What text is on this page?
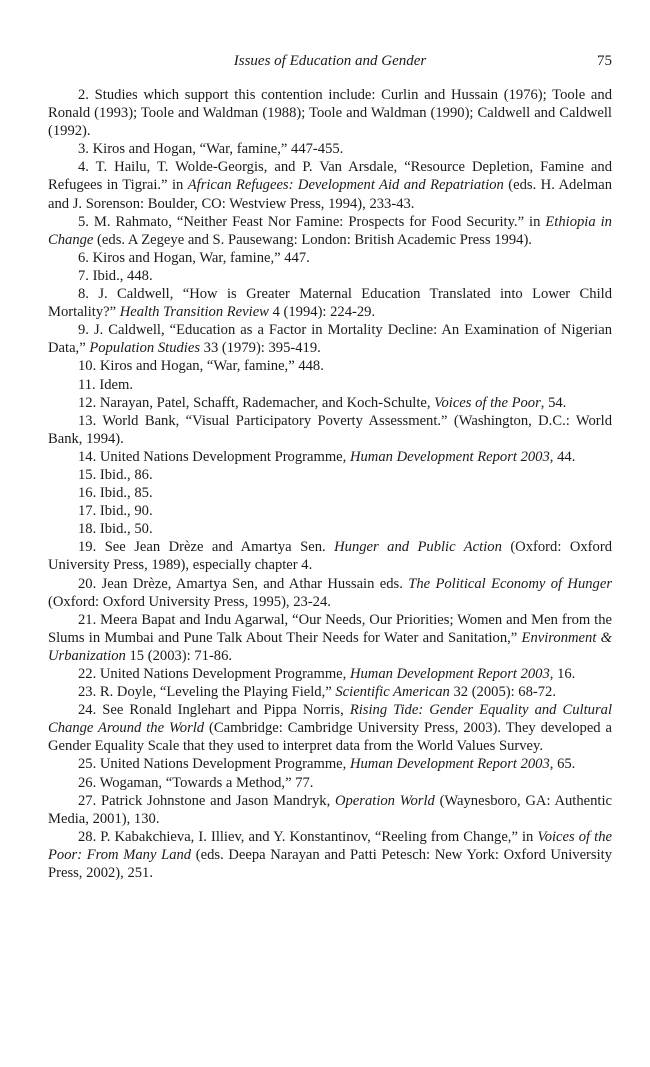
Issues of Education and Gender	75

2. Studies which support this contention include: Curlin and Hussain (1976); Toole and Ronald (1993); Toole and Waldman (1988); Toole and Waldman (1990); Caldwell and Caldwell (1992).

3. Kiros and Hogan, “War, famine,” 447-455.

4. T. Hailu, T. Wolde-Georgis, and P. Van Arsdale, “Resource Depletion, Famine and Refugees in Tigrai.” in African Refugees: Development Aid and Repatriation (eds. H. Adelman and J. Sorenson: Boulder, CO: Westview Press, 1994), 233-43.

5. M. Rahmato, “Neither Feast Nor Famine: Prospects for Food Security.” in Ethiopia in Change (eds. A Zegeye and S. Pausewang: London: British Academic Press 1994).

6. Kiros and Hogan, War, famine,” 447.

7. Ibid., 448.

8. J. Caldwell, “How is Greater Maternal Education Translated into Lower Child Mortality?” Health Transition Review 4 (1994): 224-29.

9. J. Caldwell, “Education as a Factor in Mortality Decline: An Examination of Nigerian Data,” Population Studies 33 (1979): 395-419.

10. Kiros and Hogan, “War, famine,” 448.

11. Idem.

12. Narayan, Patel, Schafft, Rademacher, and Koch-Schulte, Voices of the Poor, 54.

13. World Bank, “Visual Participatory Poverty Assessment.” (Washington, D.C.: World Bank, 1994).

14. United Nations Development Programme, Human Development Report 2003, 44.

15. Ibid., 86.

16. Ibid., 85.

17. Ibid., 90.

18. Ibid., 50.

19. See Jean Drèze and Amartya Sen. Hunger and Public Action (Oxford: Oxford University Press, 1989), especially chapter 4.

20. Jean Drèze, Amartya Sen, and Athar Hussain eds. The Political Economy of Hunger (Oxford: Oxford University Press, 1995), 23-24.

21. Meera Bapat and Indu Agarwal, “Our Needs, Our Priorities; Women and Men from the Slums in Mumbai and Pune Talk About Their Needs for Water and Sanitation,” Environment & Urbanization 15 (2003): 71-86.

22. United Nations Development Programme, Human Development Report 2003, 16.

23. R. Doyle, “Leveling the Playing Field,” Scientific American 32 (2005): 68-72.

24. See Ronald Inglehart and Pippa Norris, Rising Tide: Gender Equality and Cultural Change Around the World (Cambridge: Cambridge University Press, 2003). They developed a Gender Equality Scale that they used to interpret data from the World Values Survey.

25. United Nations Development Programme, Human Development Report 2003, 65.

26. Wogaman, “Towards a Method,” 77.

27. Patrick Johnstone and Jason Mandryk, Operation World (Waynesboro, GA: Authentic Media, 2001), 130.

28. P. Kabakchieva, I. Illiev, and Y. Konstantinov, “Reeling from Change,” in Voices of the Poor: From Many Land (eds. Deepa Narayan and Patti Petesch: New York: Oxford University Press, 2002), 251.
